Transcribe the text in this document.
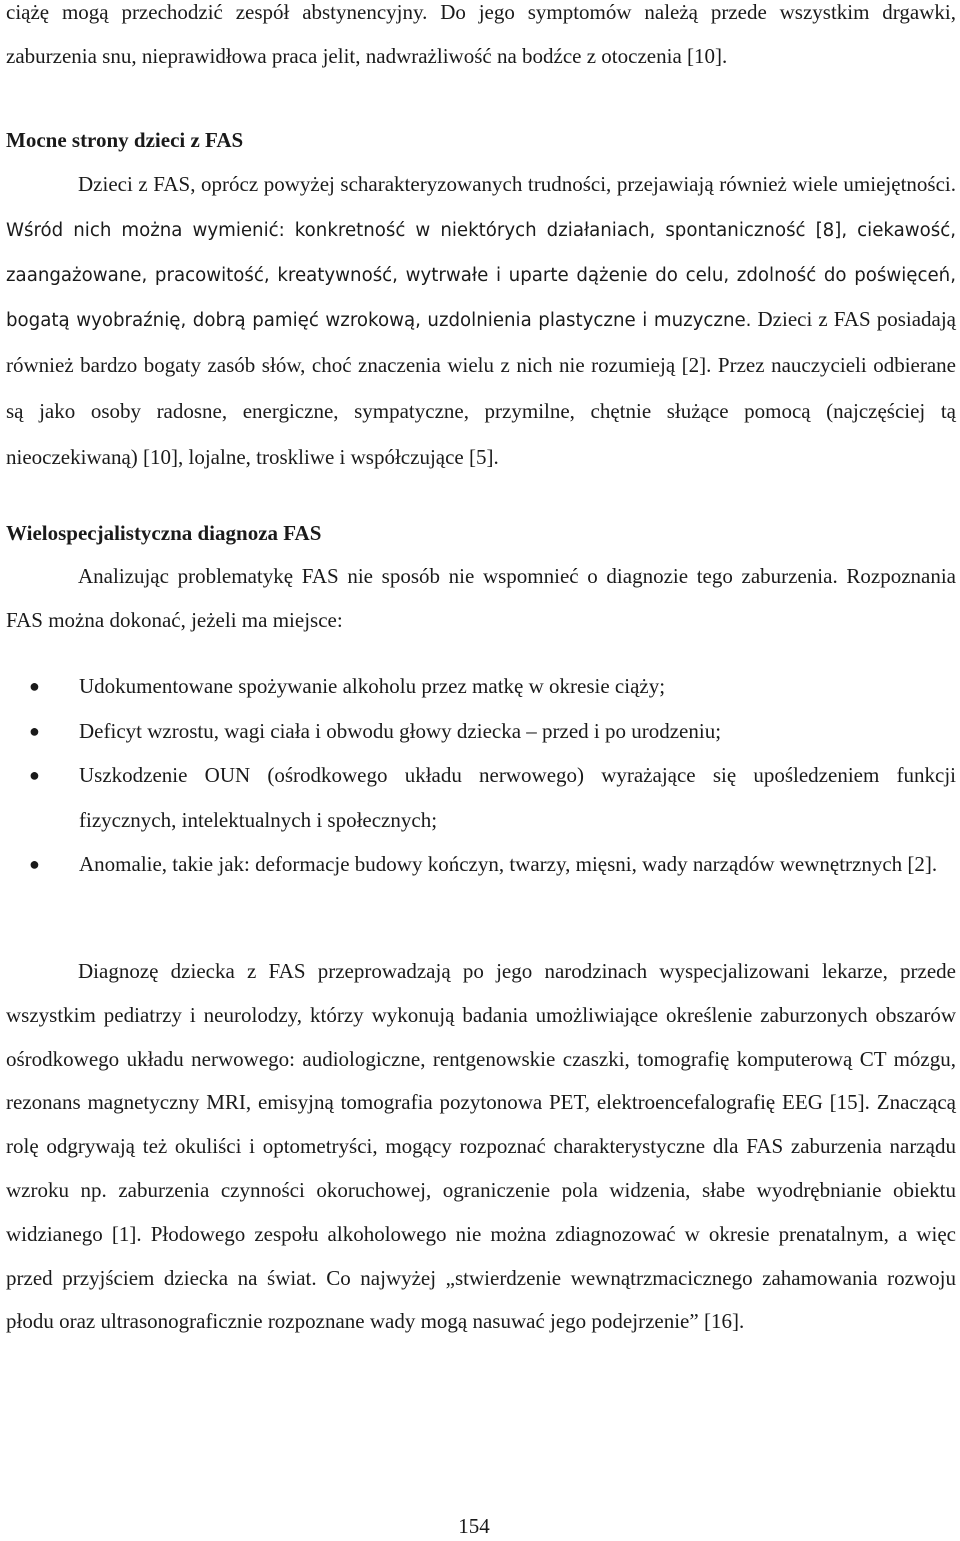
ciążę mogą przechodzić zespół abstynencyjny. Do jego symptomów należą przede wszystkim drgawki, zaburzenia snu, nieprawidłowa praca jelit, nadwrażliwość na bodźce z otoczenia [10].

Mocne strony dzieci z FAS

Dzieci z FAS, oprócz powyżej scharakteryzowanych trudności, przejawiają również wiele umiejętności. Wśród nich można wymienić: konkretność w niektórych działaniach, spontaniczność [8], ciekawość, zaangażowane, pracowitość, kreatywność, wytrwałe i uparte dążenie do celu, zdolność do poświęceń, bogatą wyobraźnię, dobrą pamięć wzrokową, uzdolnienia plastyczne i muzyczne. Dzieci z FAS posiadają również bardzo bogaty zasób słów, choć znaczenia wielu z nich nie rozumieją [2]. Przez nauczycieli odbierane są jako osoby radosne, energiczne, sympatyczne, przymilne, chętnie służące pomocą (najczęściej tą nieoczekiwaną) [10], lojalne, troskliwe i współczujące [5].

Wielospecjalistyczna diagnoza FAS

Analizując problematykę FAS nie sposób nie wspomnieć o diagnozie tego zaburzenia. Rozpoznania FAS można dokonać, jeżeli ma miejsce:

● Udokumentowane spożywanie alkoholu przez matkę w okresie ciąży;
● Deficyt wzrostu, wagi ciała i obwodu głowy dziecka – przed i po urodzeniu;
● Uszkodzenie OUN (ośrodkowego układu nerwowego) wyrażające się upośledzeniem funkcji fizycznych, intelektualnych i społecznych;
● Anomalie, takie jak: deformacje budowy kończyn, twarzy, mięsni, wady narządów wewnętrznych [2].

Diagnozę dziecka z FAS przeprowadzają po jego narodzinach wyspecjalizowani lekarze, przede wszystkim pediatrzy i neurolodzy, którzy wykonują badania umożliwiające określenie zaburzonych obszarów ośrodkowego układu nerwowego: audiologiczne, rentgenowskie czaszki, tomografię komputerową CT mózgu, rezonans magnetyczny MRI, emisyjną tomografia pozytonowa PET, elektroencefalografię EEG [15]. Znaczącą rolę odgrywają też okuliści i optometryści, mogący rozpoznać charakterystyczne dla FAS zaburzenia narządu wzroku np. zaburzenia czynności okoruchowej, ograniczenie pola widzenia, słabe wyodrębnianie obiektu widzianego [1]. Płodowego zespołu alkoholowego nie można zdiagnozować w okresie prenatalnym, a więc przed przyjściem dziecka na świat. Co najwyżej „stwierdzenie wewnątrzmacicznego zahamowania rozwoju płodu oraz ultrasonograficznie rozpoznane wady mogą nasuwać jego podejrzenie” [16].

154
